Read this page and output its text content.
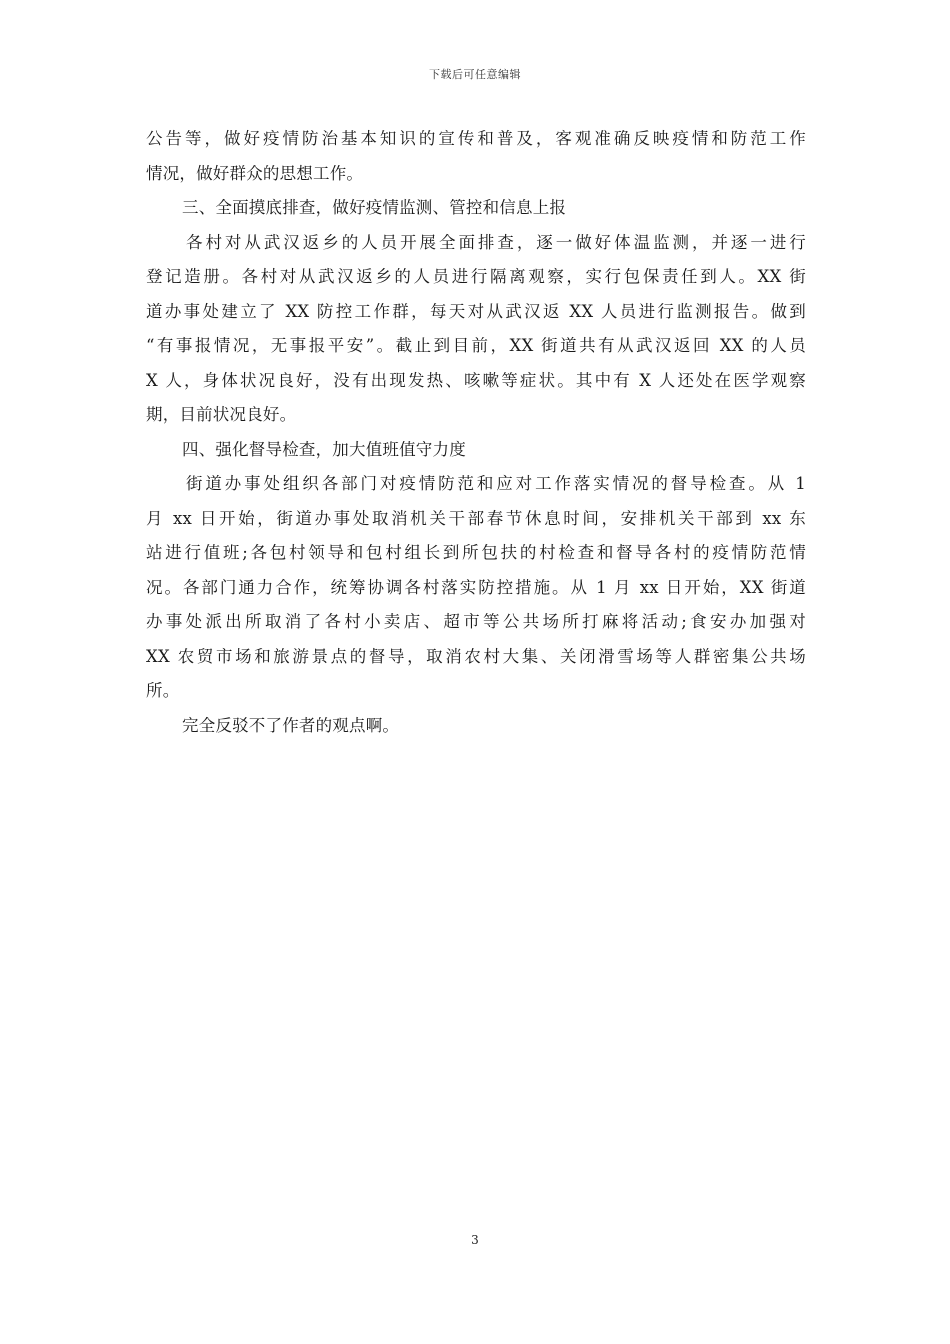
下载后可任意编辑
公告等，做好疫情防治基本知识的宣传和普及，客观准确反映疫情和防范工作
情况，做好群众的思想工作。
三、全面摸底排查，做好疫情监测、管控和信息上报
各村对从武汉返乡的人员开展全面排查，逐一做好体温监测，并逐一进行
登记造册。各村对从武汉返乡的人员进行隔离观察，实行包保责任到人。XX 街
道办事处建立了 XX 防控工作群，每天对从武汉返 XX 人员进行监测报告。做到
“有事报情况，无事报平安”。截止到目前，XX 街道共有从武汉返回 XX 的人员
X 人，身体状况良好，没有出现发热、咳嗽等症状。其中有 X 人还处在医学观察
期，目前状况良好。
四、强化督导检查，加大值班值守力度
街道办事处组织各部门对疫情防范和应对工作落实情况的督导检查。从 1
月 xx 日开始，街道办事处取消机关干部春节休息时间，安排机关干部到 xx 东
站进行值班;各包村领导和包村组长到所包扶的村检查和督导各村的疫情防范情
况。各部门通力合作，统筹协调各村落实防控措施。从 1 月 xx 日开始，XX 街道
办事处派出所取消了各村小卖店、超市等公共场所打麻将活动;食安办加强对
XX 农贸市场和旅游景点的督导，取消农村大集、关闭滑雪场等人群密集公共场
所。
完全反驳不了作者的观点啊。
3
